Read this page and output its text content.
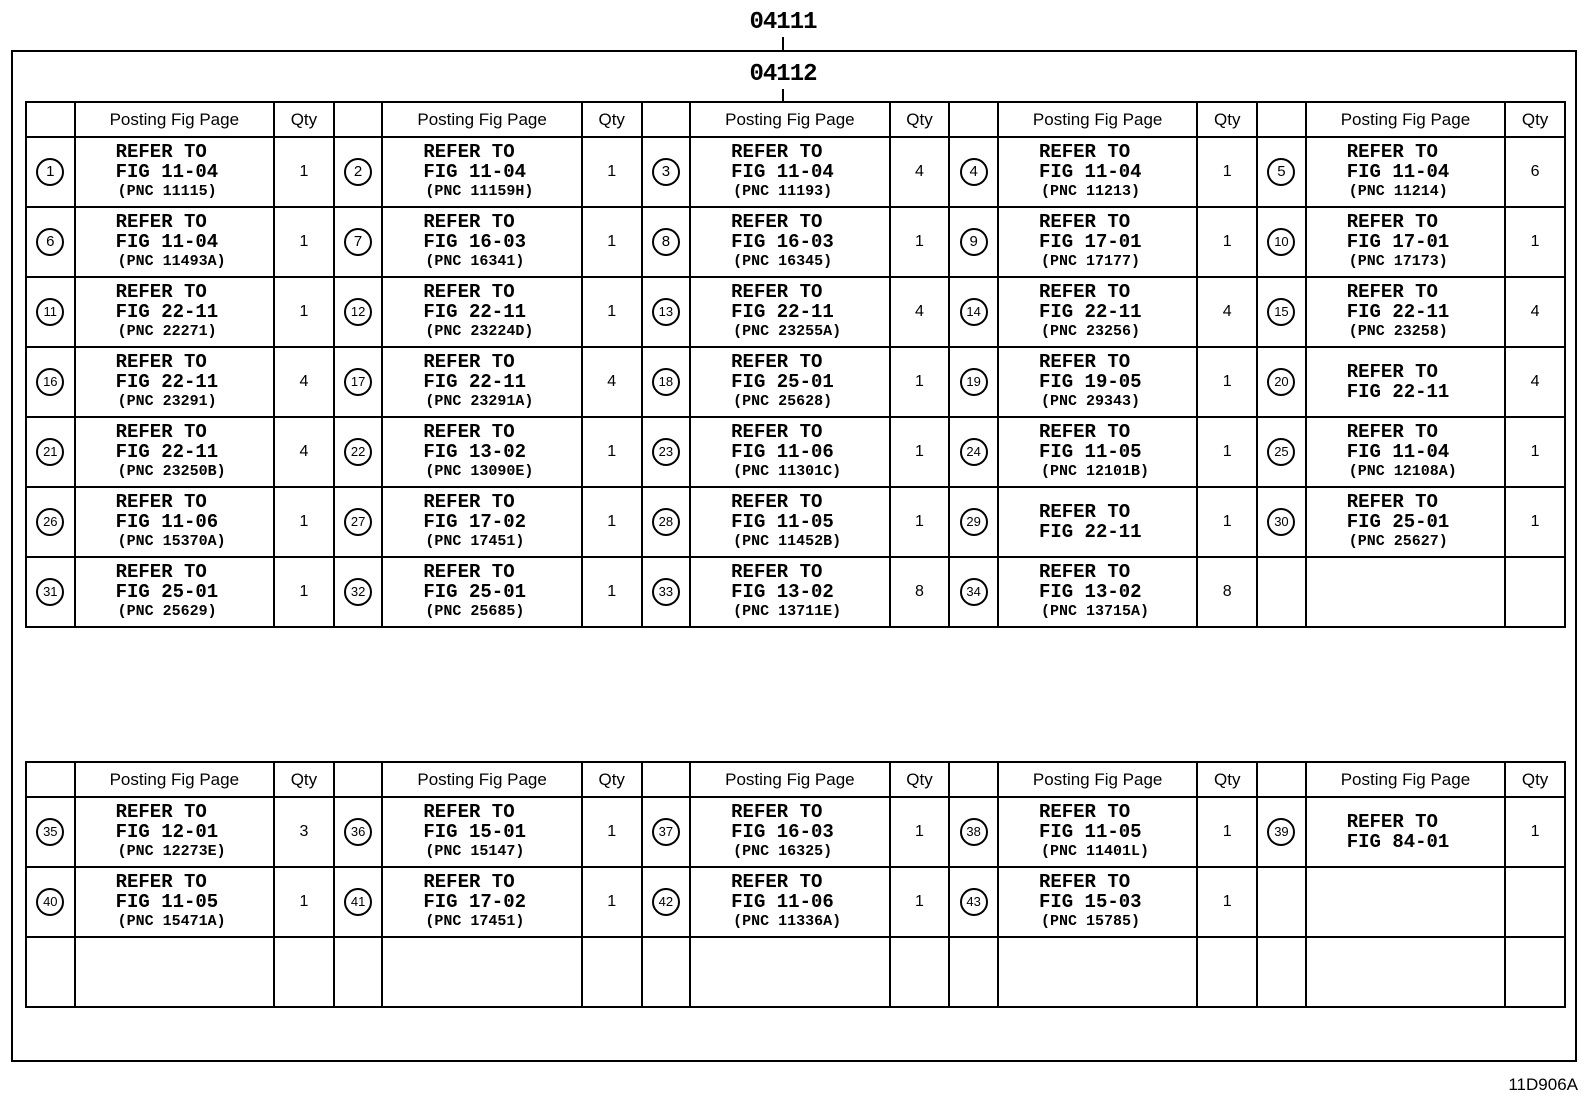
04111
04112
	Posting Fig Page	Qty		Posting Fig Page	Qty		Posting Fig Page	Qty		Posting Fig Page	Qty		Posting Fig Page	Qty
1	REFER TO
FIG 11-04
(PNC 11115)	1	2	REFER TO
FIG 11-04
(PNC 11159H)	1	3	REFER TO
FIG 11-04
(PNC 11193)	4	4	REFER TO
FIG 11-04
(PNC 11213)	1	5	REFER TO
FIG 11-04
(PNC 11214)	6
6	REFER TO
FIG 11-04
(PNC 11493A)	1	7	REFER TO
FIG 16-03
(PNC 16341)	1	8	REFER TO
FIG 16-03
(PNC 16345)	1	9	REFER TO
FIG 17-01
(PNC 17177)	1	10	REFER TO
FIG 17-01
(PNC 17173)	1
11	REFER TO
FIG 22-11
(PNC 22271)	1	12	REFER TO
FIG 22-11
(PNC 23224D)	1	13	REFER TO
FIG 22-11
(PNC 23255A)	4	14	REFER TO
FIG 22-11
(PNC 23256)	4	15	REFER TO
FIG 22-11
(PNC 23258)	4
16	REFER TO
FIG 22-11
(PNC 23291)	4	17	REFER TO
FIG 22-11
(PNC 23291A)	4	18	REFER TO
FIG 25-01
(PNC 25628)	1	19	REFER TO
FIG 19-05
(PNC 29343)	1	20	REFER TO
FIG 22-11	4
21	REFER TO
FIG 22-11
(PNC 23250B)	4	22	REFER TO
FIG 13-02
(PNC 13090E)	1	23	REFER TO
FIG 11-06
(PNC 11301C)	1	24	REFER TO
FIG 11-05
(PNC 12101B)	1	25	REFER TO
FIG 11-04
(PNC 12108A)	1
26	REFER TO
FIG 11-06
(PNC 15370A)	1	27	REFER TO
FIG 17-02
(PNC 17451)	1	28	REFER TO
FIG 11-05
(PNC 11452B)	1	29	REFER TO
FIG 22-11	1	30	REFER TO
FIG 25-01
(PNC 25627)	1
31	REFER TO
FIG 25-01
(PNC 25629)	1	32	REFER TO
FIG 25-01
(PNC 25685)	1	33	REFER TO
FIG 13-02
(PNC 13711E)	8	34	REFER TO
FIG 13-02
(PNC 13715A)	8			
	Posting Fig Page	Qty		Posting Fig Page	Qty		Posting Fig Page	Qty		Posting Fig Page	Qty		Posting Fig Page	Qty
35	REFER TO
FIG 12-01
(PNC 12273E)	3	36	REFER TO
FIG 15-01
(PNC 15147)	1	37	REFER TO
FIG 16-03
(PNC 16325)	1	38	REFER TO
FIG 11-05
(PNC 11401L)	1	39	REFER TO
FIG 84-01	1
40	REFER TO
FIG 11-05
(PNC 15471A)	1	41	REFER TO
FIG 17-02
(PNC 17451)	1	42	REFER TO
FIG 11-06
(PNC 11336A)	1	43	REFER TO
FIG 15-03
(PNC 15785)	1			

11D906A
